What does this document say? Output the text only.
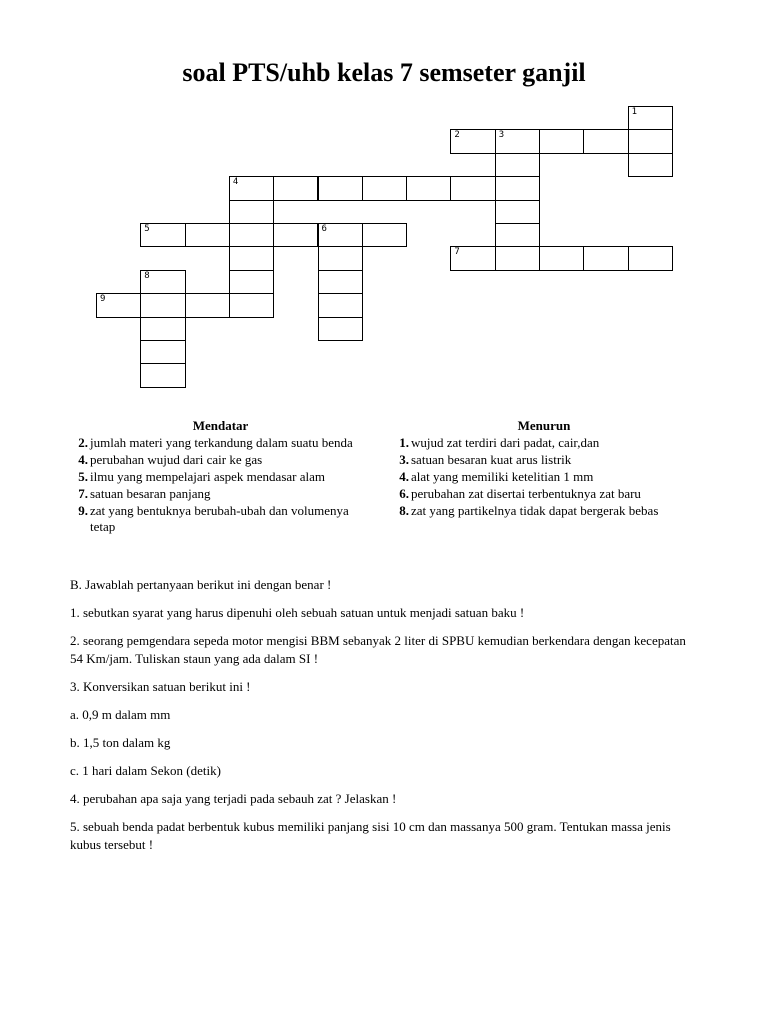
soal PTS/uhb kelas 7 semseter ganjil
1
2	3
4
5	6
7
8
9
Mendatar
2. jumlah materi yang terkandung dalam suatu benda
4. perubahan wujud dari cair ke gas
5. ilmu yang mempelajari aspek mendasar alam
7. satuan besaran panjang
9. zat yang bentuknya berubah-ubah dan volumenya tetap
Menurun
1. wujud zat terdiri dari padat, cair,dan
3. satuan besaran kuat arus listrik
4. alat yang memiliki ketelitian 1 mm
6. perubahan zat disertai terbentuknya zat baru
8. zat yang partikelnya tidak dapat bergerak bebas

B. Jawablah pertanyaan berikut ini dengan benar !

1. sebutkan syarat yang harus dipenuhi oleh sebuah satuan untuk menjadi satuan baku !

2. seorang pemgendara sepeda motor mengisi BBM sebanyak 2 liter di SPBU kemudian berkendara dengan kecepatan 54 Km/jam. Tuliskan staun yang ada dalam SI !

3. Konversikan satuan berikut ini !

a. 0,9 m dalam mm

b. 1,5 ton dalam kg

c. 1 hari dalam Sekon (detik)

4. perubahan apa saja yang terjadi pada sebauh zat ? Jelaskan !

5. sebuah benda padat berbentuk kubus memiliki panjang sisi 10 cm dan massanya 500 gram. Tentukan massa jenis kubus tersebut !
